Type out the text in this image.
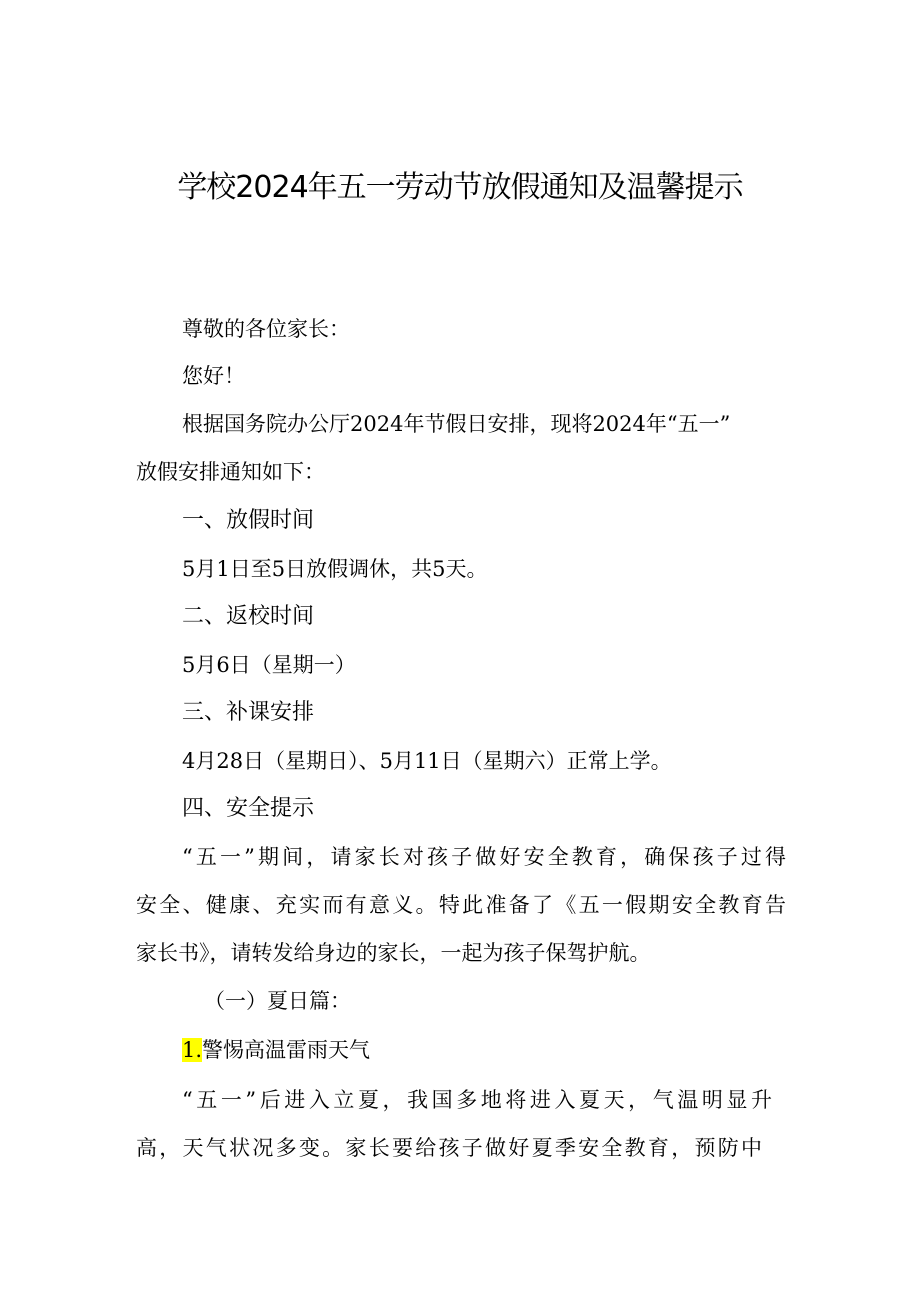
学校2024年五一劳动节放假通知及温馨提示

尊敬的各位家长：

您好！

根据国务院办公厅2024年节假日安排，现将2024年“五一”

放假安排通知如下：

一、放假时间

5月1日至5日放假调休，共5天。

二、返校时间

5月6日（星期一）

三、补课安排

4月28日（星期日）、5月11日（星期六）正常上学。

四、安全提示

“五一”期间，请家长对孩子做好安全教育，确保孩子过得

安全、健康、充实而有意义。特此准备了《五一假期安全教育告

家长书》，请转发给身边的家长，一起为孩子保驾护航。

（一）夏日篇：

1.警惕高温雷雨天气

“五一”后进入立夏，我国多地将进入夏天，气温明显升

高，天气状况多变。家长要给孩子做好夏季安全教育，预防中
